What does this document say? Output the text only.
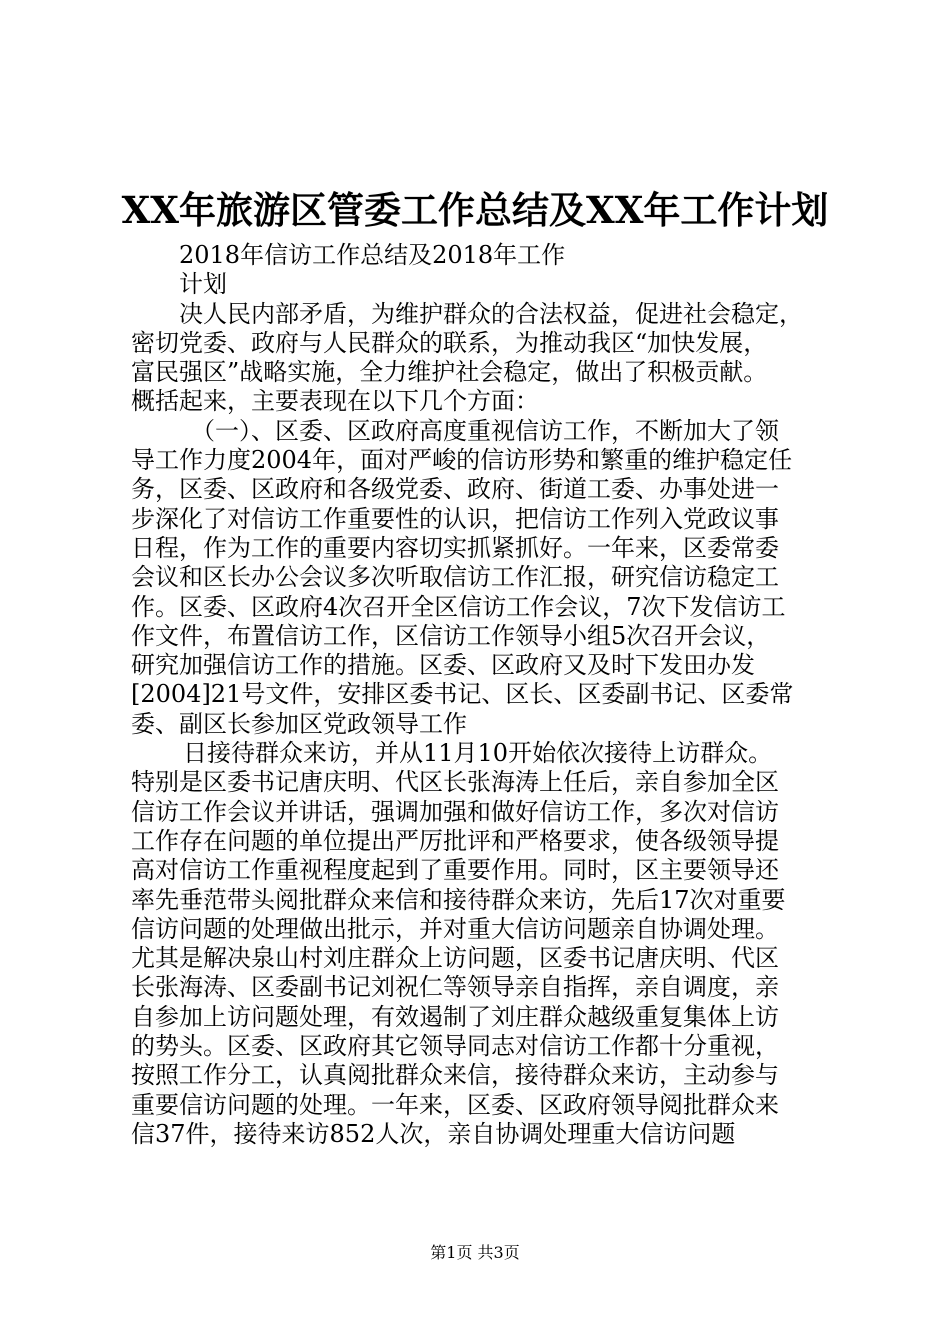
XX年旅游区管委工作总结及XX年工作计划
2018年信访工作总结及2018年工作
计划
决人民内部矛盾，为维护群众的合法权益，促进社会稳定，
密切党委、政府与人民群众的联系，为推动我区“加快发展，
富民强区”战略实施，全力维护社会稳定，做出了积极贡献。
概括起来，主要表现在以下几个方面：
（一）、区委、区政府高度重视信访工作，不断加大了领
导工作力度2004年，面对严峻的信访形势和繁重的维护稳定任
务，区委、区政府和各级党委、政府、街道工委、办事处进一
步深化了对信访工作重要性的认识，把信访工作列入党政议事
日程，作为工作的重要内容切实抓紧抓好。一年来，区委常委
会议和区长办公会议多次听取信访工作汇报，研究信访稳定工
作。区委、区政府4次召开全区信访工作会议，7次下发信访工
作文件，布置信访工作，区信访工作领导小组5次召开会议，
研究加强信访工作的措施。区委、区政府又及时下发田办发
[2004]21号文件，安排区委书记、区长、区委副书记、区委常
委、副区长参加区党政领导工作
日接待群众来访，并从11月10开始依次接待上访群众。
特别是区委书记唐庆明、代区长张海涛上任后，亲自参加全区
信访工作会议并讲话，强调加强和做好信访工作，多次对信访
工作存在问题的单位提出严厉批评和严格要求，使各级领导提
高对信访工作重视程度起到了重要作用。同时，区主要领导还
率先垂范带头阅批群众来信和接待群众来访，先后17次对重要
信访问题的处理做出批示，并对重大信访问题亲自协调处理。
尤其是解决泉山村刘庄群众上访问题，区委书记唐庆明、代区
长张海涛、区委副书记刘祝仁等领导亲自指挥，亲自调度，亲
自参加上访问题处理，有效遏制了刘庄群众越级重复集体上访
的势头。区委、区政府其它领导同志对信访工作都十分重视，
按照工作分工，认真阅批群众来信，接待群众来访，主动参与
重要信访问题的处理。一年来，区委、区政府领导阅批群众来
信37件，接待来访852人次，亲自协调处理重大信访问题
第1页 共3页
